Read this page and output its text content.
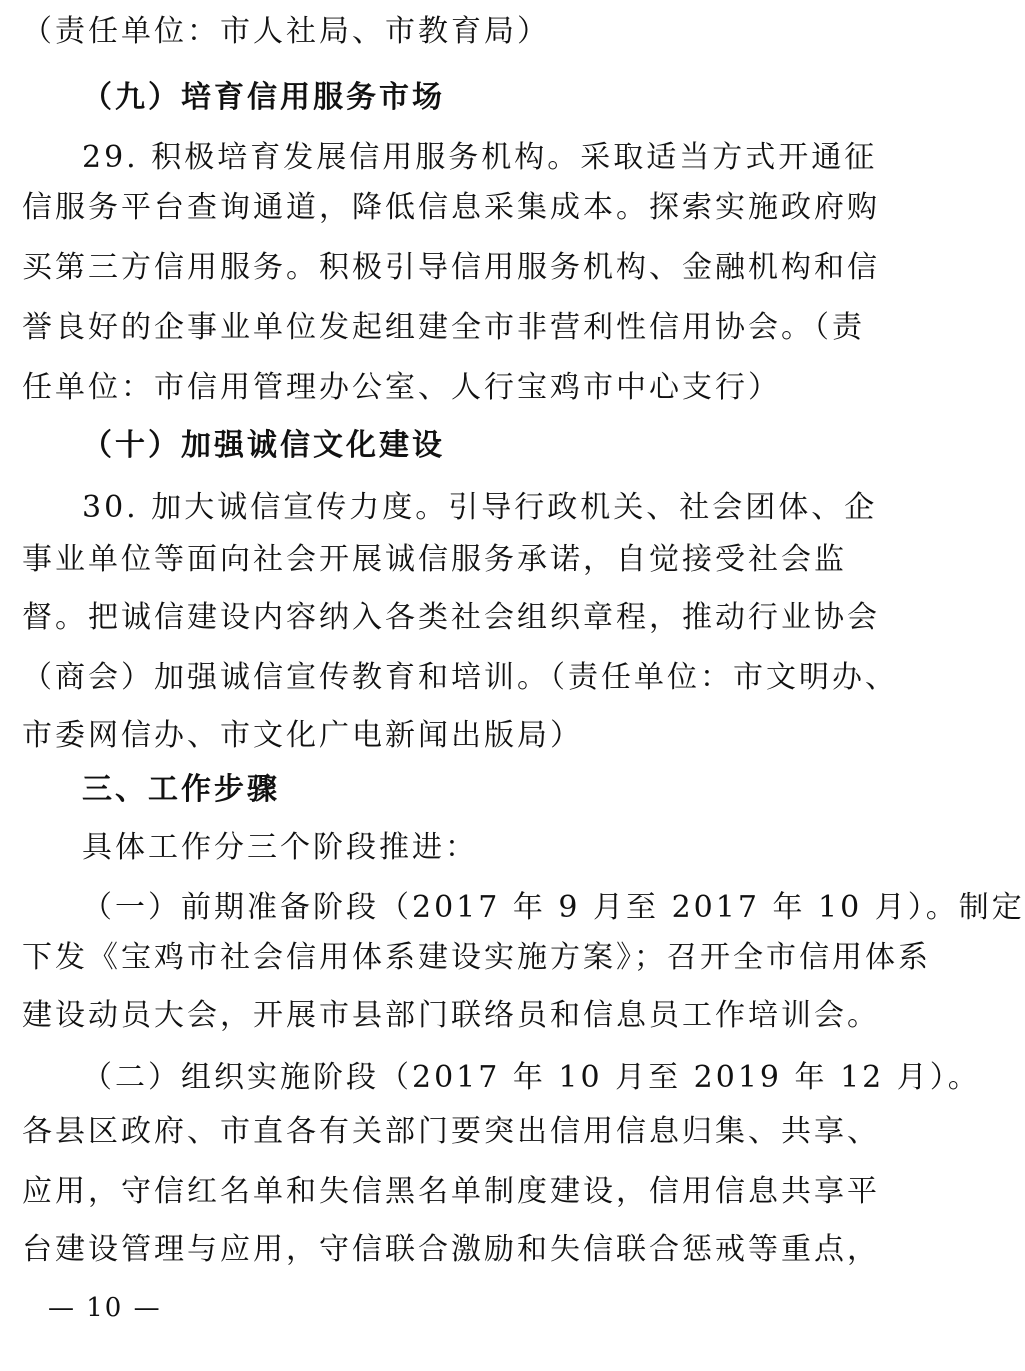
（责任单位：市人社局、市教育局）
（九）培育信用服务市场
29. 积极培育发展信用服务机构。采取适当方式开通征
信服务平台查询通道，降低信息采集成本。探索实施政府购
买第三方信用服务。积极引导信用服务机构、金融机构和信
誉良好的企事业单位发起组建全市非营利性信用协会。（责
任单位：市信用管理办公室、人行宝鸡市中心支行）
（十）加强诚信文化建设
30. 加大诚信宣传力度。引导行政机关、社会团体、企
事业单位等面向社会开展诚信服务承诺，自觉接受社会监
督。把诚信建设内容纳入各类社会组织章程，推动行业协会
（商会）加强诚信宣传教育和培训。（责任单位：市文明办、
市委网信办、市文化广电新闻出版局）
三、工作步骤
具体工作分三个阶段推进：
（一）前期准备阶段（2017 年 9 月至 2017 年 10 月）。制定
下发《宝鸡市社会信用体系建设实施方案》；召开全市信用体系
建设动员大会，开展市县部门联络员和信息员工作培训会。
（二）组织实施阶段（2017 年 10 月至 2019 年 12 月）。
各县区政府、市直各有关部门要突出信用信息归集、共享、
应用，守信红名单和失信黑名单制度建设，信用信息共享平
台建设管理与应用，守信联合激励和失信联合惩戒等重点，
— 10 —
